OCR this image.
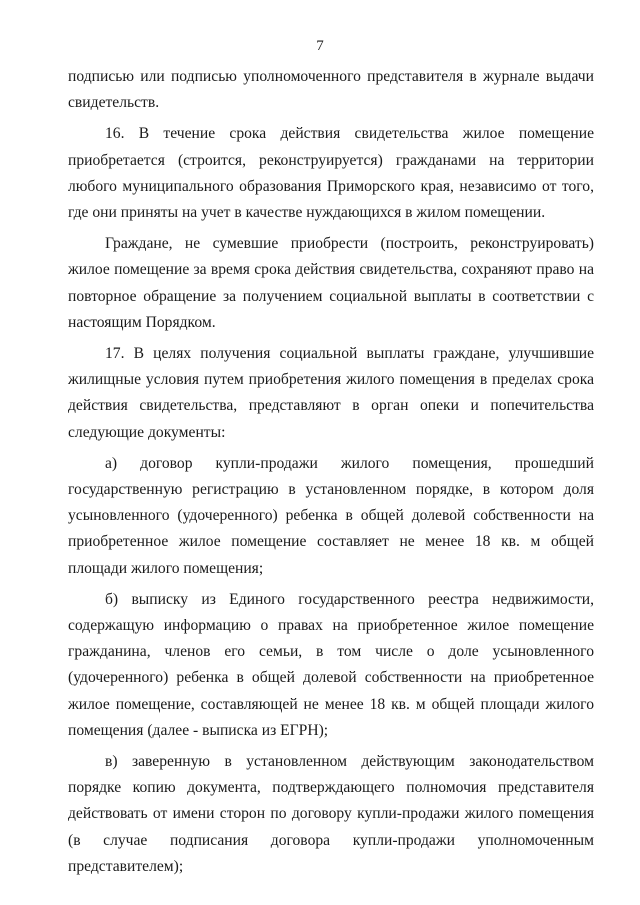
7

подписью или подписью уполномоченного представителя в журнале выдачи свидетельств.

16. В течение срока действия свидетельства жилое помещение приобретается (строится, реконструируется) гражданами на территории любого муниципального образования Приморского края, независимо от того, где они приняты на учет в качестве нуждающихся в жилом помещении.

Граждане, не сумевшие приобрести (построить, реконструировать) жилое помещение за время срока действия свидетельства, сохраняют право на повторное обращение за получением социальной выплаты в соответствии с настоящим Порядком.

17. В целях получения социальной выплаты граждане, улучшившие жилищные условия путем приобретения жилого помещения в пределах срока действия свидетельства, представляют в орган опеки и попечительства следующие документы:

а) договор купли-продажи жилого помещения, прошедший государственную регистрацию в установленном порядке, в котором доля усыновленного (удочеренного) ребенка в общей долевой собственности на приобретенное жилое помещение составляет не менее 18 кв. м общей площади жилого помещения;

б) выписку из Единого государственного реестра недвижимости, содержащую информацию о правах на приобретенное жилое помещение гражданина, членов его семьи, в том числе о доле усыновленного (удочеренного) ребенка в общей долевой собственности на приобретенное жилое помещение, составляющей не менее 18 кв. м общей площади жилого помещения (далее - выписка из ЕГРН);

в) заверенную в установленном действующим законодательством порядке копию документа, подтверждающего полномочия представителя действовать от имени сторон по договору купли-продажи жилого помещения (в случае подписания договора купли-продажи уполномоченным представителем);
